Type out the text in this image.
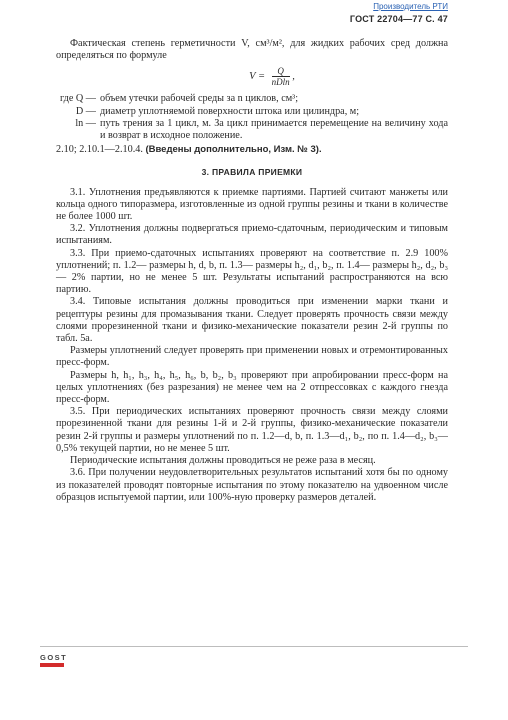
Производитель РТИ
ГОСТ 22704—77 С. 47

Фактическая степень герметичности V, см³/м², для жидких рабочих сред должна определяться по формуле

$V = \frac{Q}{nDln}$ ,
где Q — объем утечки рабочей среды за n циклов, см³;
D — диаметр уплотняемой поверхности штока или цилиндра, м;
ln — путь трения за 1 цикл, м. За цикл принимается перемещение на величину хода и возврат в исходное положение.

2.10; 2.10.1—2.10.4. (Введены дополнительно, Изм. № 3).

3. ПРАВИЛА ПРИЕМКИ

3.1. Уплотнения предъявляются к приемке партиями. Партией считают манжеты или кольца одного типоразмера, изготовленные из одной группы резины и ткани в количестве не более 1000 шт.

3.2. Уплотнения должны подвергаться приемо-сдаточным, периодическим и типовым испытаниям.

3.3. При приемо-сдаточных испытаниях проверяют на соответствие п. 2.9 100% уплотнений; п. 1.2— размеры h, d, b, п. 1.3— размеры h₂, d₁, b₂, п. 1.4— размеры h₂, d₂, b₃— 2% партии, но не менее 5 шт. Результаты испытаний распространяются на всю партию.

3.4. Типовые испытания должны проводиться при изменении марки ткани и рецептуры резины для промазывания ткани. Следует проверять прочность связи между слоями прорезиненной ткани и физико-механические показатели резин 2-й группы по табл. 5а.

Размеры уплотнений следует проверять при применении новых и отремонтированных пресс-форм.

Размеры h, h₁, h₃, h₄, h₅, h₆, b, b₂, b₃ проверяют при апробировании пресс-форм на целых уплотнениях (без разрезания) не менее чем на 2 отпрессовках с каждого гнезда пресс-форм.

3.5. При периодических испытаниях проверяют прочность связи между слоями прорезиненной ткани для резины 1-й и 2-й группы, физико-механические показатели резин 2-й группы и размеры уплотнений по п. 1.2—d, b, п. 1.3—d₁, b₂, по п. 1.4—d₂, b₃—0,5% текущей партии, но не менее 5 шт.

Периодические испытания должны проводиться не реже раза в месяц.

3.6. При получении неудовлетворительных результатов испытаний хотя бы по одному из показателей проводят повторные испытания по этому показателю на удвоенном числе образцов испытуемой партии, или 100%-ную проверку размеров деталей.

GOST
